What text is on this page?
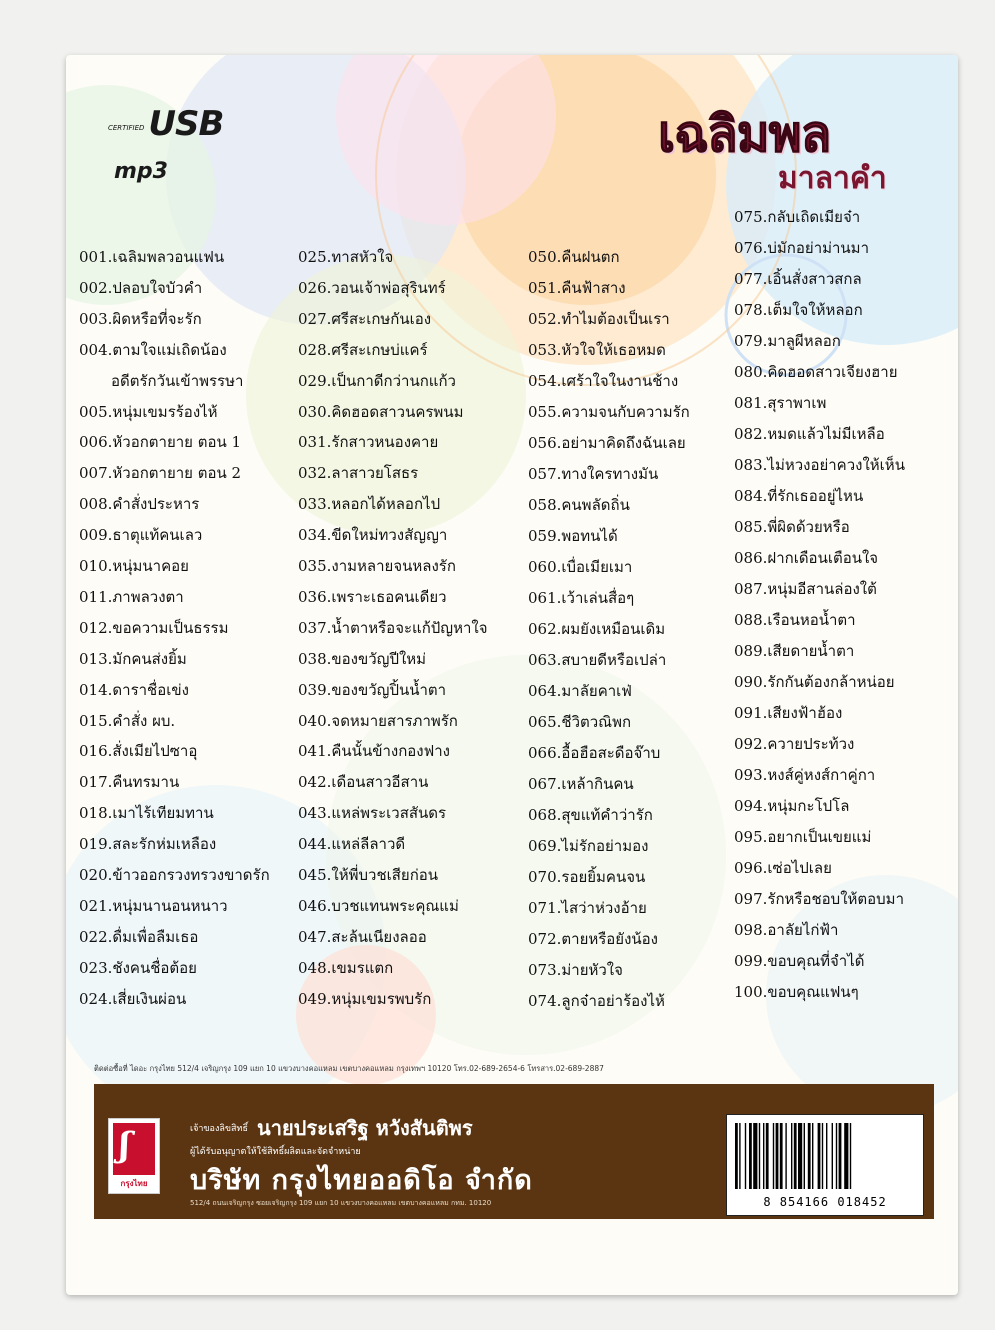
CERTIFIED USB
mp3
เฉลิมพล
มาลาคำ
001.เฉลิมพลวอนแฟน
002.ปลอบใจบัวคำ
003.ผิดหรือที่จะรัก
004.ตามใจแม่เถิดน้อง
อดีตรักวันเข้าพรรษา
005.หนุ่มเขมรร้องไห้
006.หัวอกตายาย ตอน 1
007.หัวอกตายาย ตอน 2
008.คำสั่งประหาร
009.ธาตุแท้คนเลว
010.หนุ่มนาคอย
011.ภาพลวงตา
012.ขอความเป็นธรรม
013.มักคนส่งยิ้ม
014.ดาราชื่อเข่ง
015.คำสั่ง ผบ.
016.สั่งเมียไปซาอุ
017.คืนทรมาน
018.เมาไร้เทียมทาน
019.สละรักห่มเหลือง
020.ข้าวออกรวงทรวงขาดรัก
021.หนุ่มนานอนหนาว
022.ดื่มเพื่อลืมเธอ
023.ชังคนชื่อต้อย
024.เสี่ยเงินผ่อน
025.ทาสหัวใจ
026.วอนเจ้าพ่อสุรินทร์
027.ศรีสะเกษกันเอง
028.ศรีสะเกษบ่แคร์
029.เป็นกาดีกว่านกแก้ว
030.คิดฮอดสาวนครพนม
031.รักสาวหนองคาย
032.ลาสาวยโสธร
033.หลอกได้หลอกไป
034.ขีดใหม่ทวงสัญญา
035.งามหลายจนหลงรัก
036.เพราะเธอคนเดียว
037.น้ำตาหรือจะแก้ปัญหาใจ
038.ของขวัญปีใหม่
039.ของขวัญปิ้นน้ำตา
040.จดหมายสารภาพรัก
041.คืนนั้นข้างกองฟาง
042.เดือนสาวอีสาน
043.แหล่พระเวสสันดร
044.แหล่ลีลาวดี
045.ให้พี่บวชเสียก่อน
046.บวชแทนพระคุณแม่
047.สะล้นเนียงลออ
048.เขมรแตก
049.หนุ่มเขมรพบรัก
050.คืนฝนตก
051.คืนฟ้าสาง
052.ทำไมต้องเป็นเรา
053.หัวใจให้เธอหมด
054.เศร้าใจในงานช้าง
055.ความจนกับความรัก
056.อย่ามาคิดถึงฉันเลย
057.ทางใครทางมัน
058.คนพลัดถิ่น
059.พอทนได้
060.เบื่อเมียเมา
061.เว้าเล่นสื่อๆ
062.ผมยังเหมือนเดิม
063.สบายดีหรือเปล่า
064.มาลัยคาเฟ่
065.ชีวิตวณิพก
066.อื้อฮือสะดือจ๊าบ
067.เหล้ากินคน
068.สุขแท้คำว่ารัก
069.ไม่รักอย่ามอง
070.รอยยิ้มคนจน
071.ไสว่าห่วงอ้าย
072.ตายหรือยังน้อง
073.ม่ายหัวใจ
074.ลูกจ๋าอย่าร้องไห้
075.กลับเถิดเมียจ๋า
076.บ่มักอย่าม่านมา
077.เอิ้นสั่งสาวสกล
078.เต็มใจให้หลอก
079.มาลูผีหลอก
080.คิดฮอดสาวเจียงฮาย
081.สุราพาเพ
082.หมดแล้วไม่มีเหลือ
083.ไม่หวงอย่าควงให้เห็น
084.ที่รักเธออยู่ไหน
085.พี่ผิดด้วยหรือ
086.ฝากเดือนเตือนใจ
087.หนุ่มอีสานล่องใต้
088.เรือนหอน้ำตา
089.เสียดายน้ำตา
090.รักกันต้องกล้าหน่อย
091.เสียงฟ้าฮ้อง
092.ควายประท้วง
093.หงส์คู่หงส์กาคู่กา
094.หนุ่มกะโปโล
095.อยากเป็นเขยแม่
096.เซ่อไปเลย
097.รักหรือชอบให้ตอบมา
098.อาลัยไก่ฟ้า
099.ขอบคุณที่จำได้
100.ขอบคุณแฟนๆ
ติดต่อซื้อที่ ไดอะ กรุงไทย 512/4 เจริญกรุง 109 แยก 10 แขวงบางคอแหลม เขตบางคอแหลม กรุงเทพฯ 10120 โทร.02-689-2654-6 โทรสาร.02-689-2887
ʃ
กรุงไทย
เจ้าของลิขสิทธิ์ นายประเสริฐ หวังสันติพร
ผู้ได้รับอนุญาตให้ใช้สิทธิ์ผลิตและจัดจำหน่าย
บริษัท กรุงไทยออดิโอ จำกัด
512/4 ถนนเจริญกรุง ซอยเจริญกรุง 109 แยก 10 แขวงบางคอแหลม เขตบางคอแหลม กทม. 10120	8 854166 018452
